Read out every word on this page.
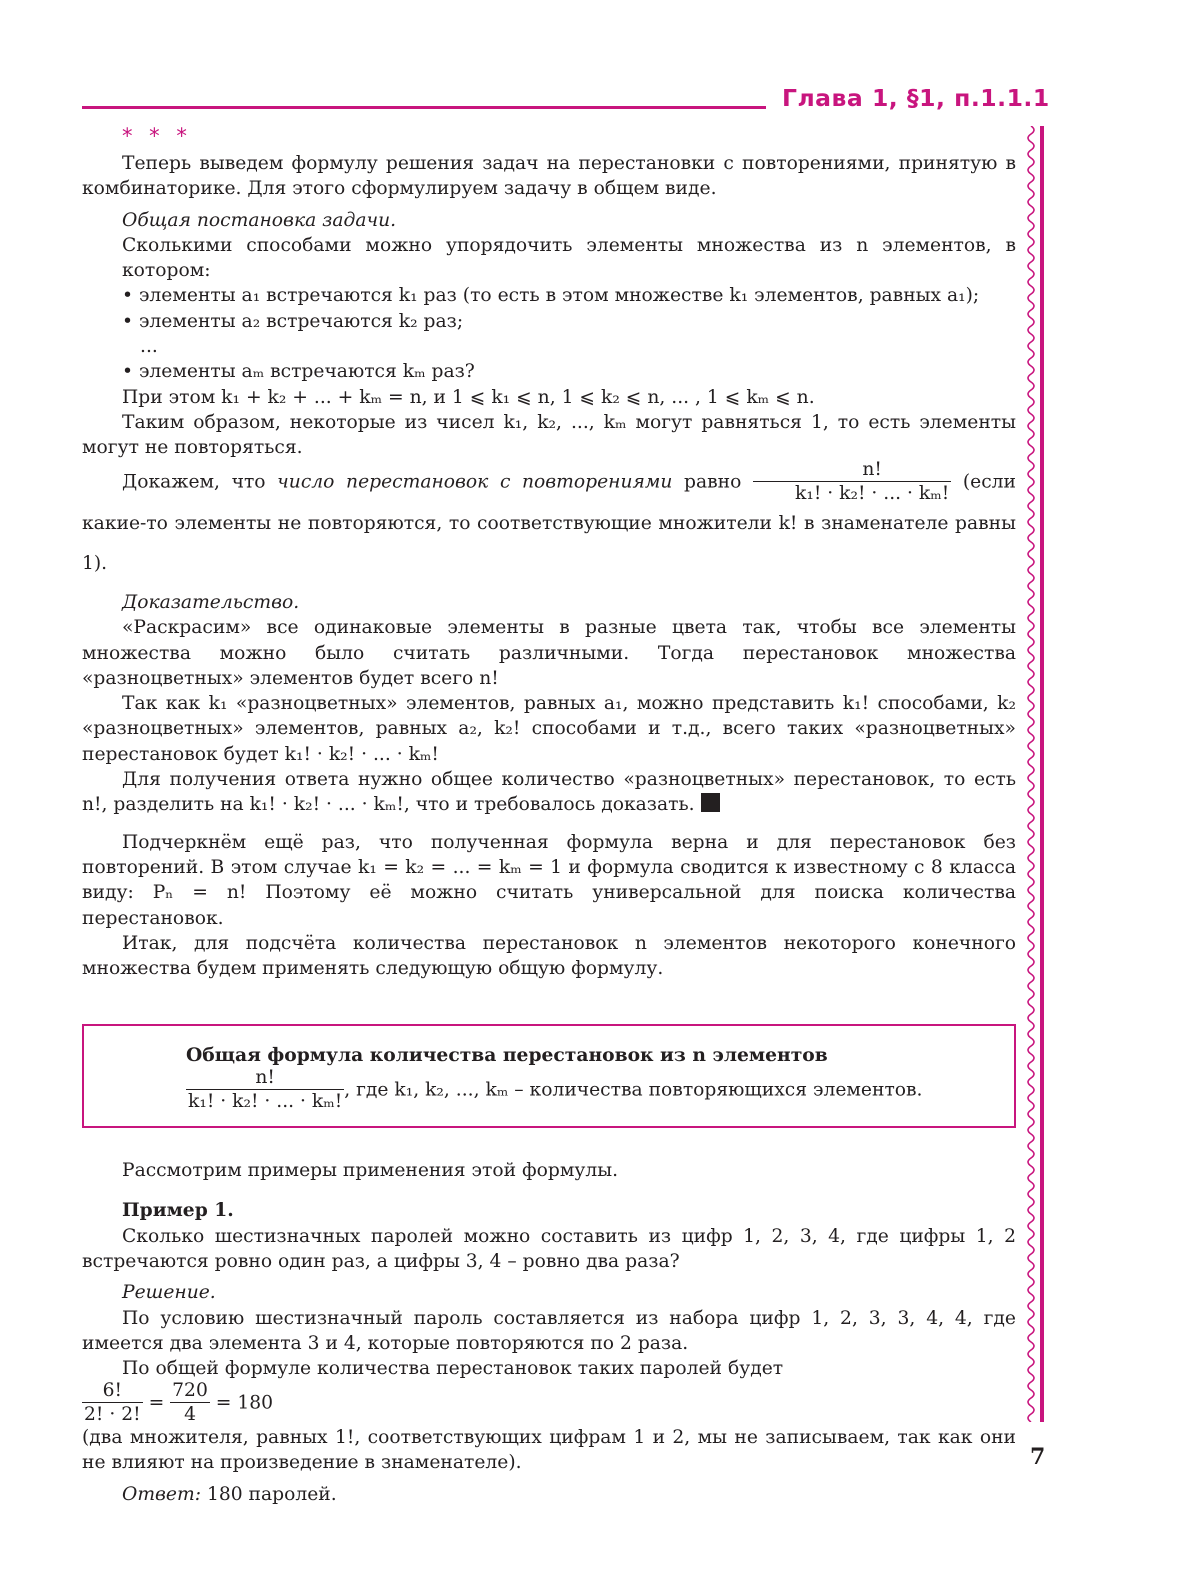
Глава 1, §1, п.1.1.1
* * *

Теперь выведем формулу решения задач на перестановки с повторениями, принятую в комбинаторике. Для этого сформулируем задачу в общем виде.

Общая постановка задачи.

Сколькими способами можно упорядочить элементы множества из n элементов, в котором:

• элементы a₁ встречаются k₁ раз (то есть в этом множестве k₁ элементов, равных a₁);

• элементы a₂ встречаются k₂ раз;

...

• элементы aₘ встречаются kₘ раз?

При этом k₁ + k₂ + ... + kₘ = n, и 1 ⩽ k₁ ⩽ n, 1 ⩽ k₂ ⩽ n, ... , 1 ⩽ kₘ ⩽ n.

Таким образом, некоторые из чисел k₁, k₂, ..., kₘ могут равняться 1, то есть элементы могут не повторяться.

Докажем, что число перестановок с повторениями равно $\frac{n!}{\text{k₁! · k₂! · ... · kₘ!}}$ (если какие-то элементы не повторяются, то соответствующие множители k! в знаменателе равны 1).

Доказательство.

«Раскрасим» все одинаковые элементы в разные цвета так, чтобы все элементы множества можно было считать различными. Тогда перестановок множества «разноцветных» элементов будет всего n!

Так как k₁ «разноцветных» элементов, равных a₁, можно представить k₁! способами, k₂ «разноцветных» элементов, равных a₂, k₂! способами и т.д., всего таких «разноцветных» перестановок будет k₁! · k₂! · ... · kₘ!

Для получения ответа нужно общее количество «разноцветных» перестановок, то есть n!, разделить на k₁! · k₂! · ... · kₘ!, что и требовалось доказать.

Подчеркнём ещё раз, что полученная формула верна и для перестановок без повторений. В этом случае k₁ = k₂ = ... = kₘ = 1 и формула сводится к известному с 8 класса виду: Pₙ = n! Поэтому её можно считать универсальной для поиска количества перестановок.

Итак, для подсчёта количества перестановок n элементов некоторого конечного множества будем применять следующую общую формулу.

Общая формула количества перестановок из n элементов

$\frac{n!}{\text{k₁! · k₂! · ... · kₘ!}}$ , где k₁, k₂, ..., kₘ – количества повторяющихся элементов.

Рассмотрим примеры применения этой формулы.

Пример 1.

Сколько шестизначных паролей можно составить из цифр 1, 2, 3, 4, где цифры 1, 2 встречаются ровно один раз, а цифры 3, 4 – ровно два раза?

Решение.

По условию шестизначный пароль составляется из набора цифр 1, 2, 3, 3, 4, 4, где имеется два элемента 3 и 4, которые повторяются по 2 раза.

По общей формуле количества перестановок таких паролей будет

$\frac{6!}{2! \cdot 2!} = \frac{720}{4} = 180$

(два множителя, равных 1!, соответствующих цифрам 1 и 2, мы не записываем, так как они не влияют на произведение в знаменателе).

Ответ: 180 паролей.

7
